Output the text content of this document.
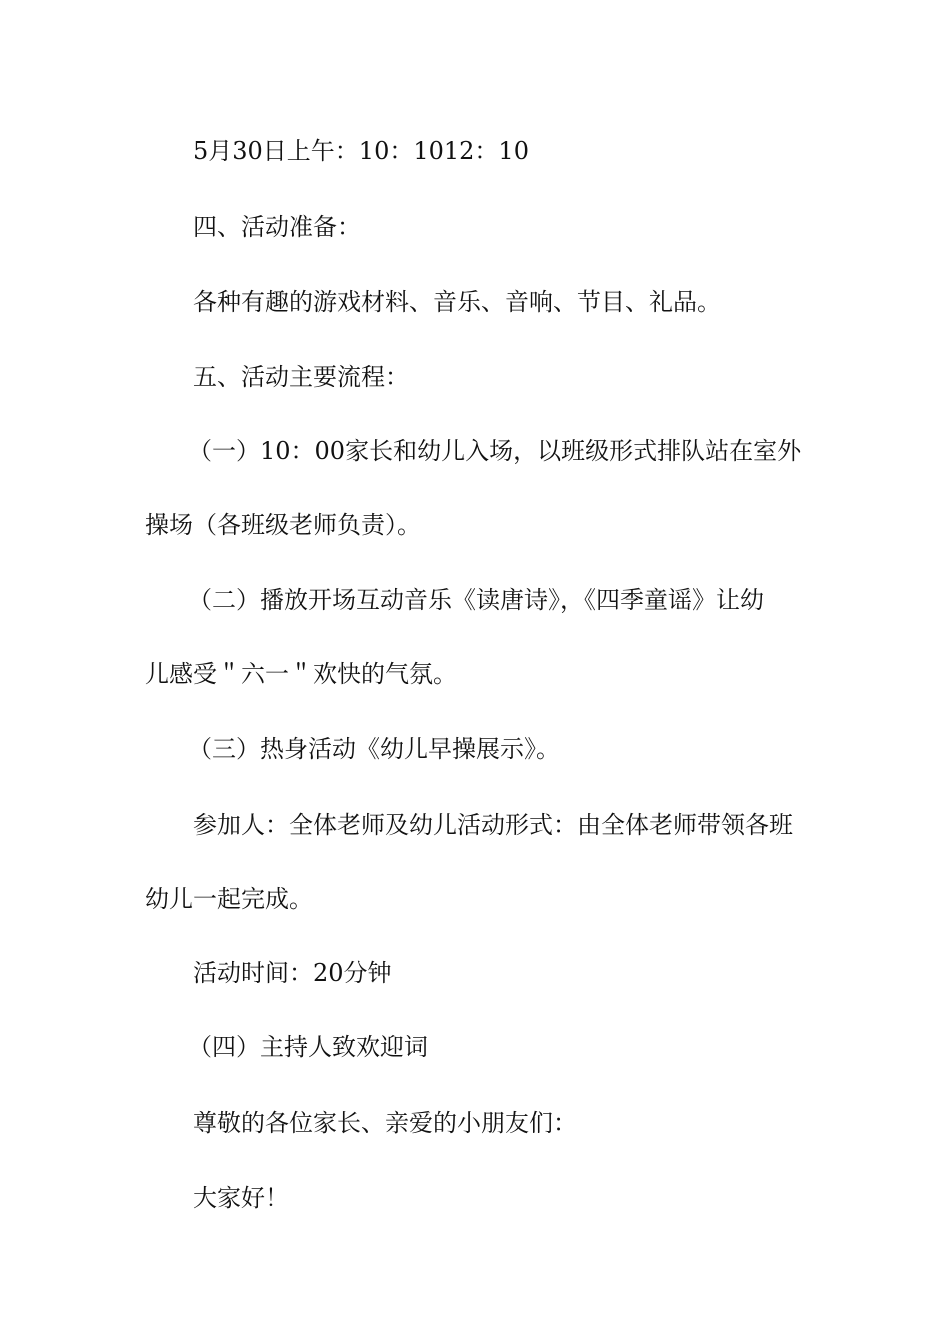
5月30日上午：10：1012：10

四、活动准备：

各种有趣的游戏材料、音乐、音响、节目、礼品。

五、活动主要流程：

（一）10：00家长和幼儿入场，以班级形式排队站在室外

操场（各班级老师负责）。

（二）播放开场互动音乐《读唐诗》，《四季童谣》让幼

儿感受＂六一＂欢快的气氛。

（三）热身活动《幼儿早操展示》。

参加人：全体老师及幼儿活动形式：由全体老师带领各班

幼儿一起完成。

活动时间：20分钟

（四）主持人致欢迎词

尊敬的各位家长、亲爱的小朋友们：

大家好！
